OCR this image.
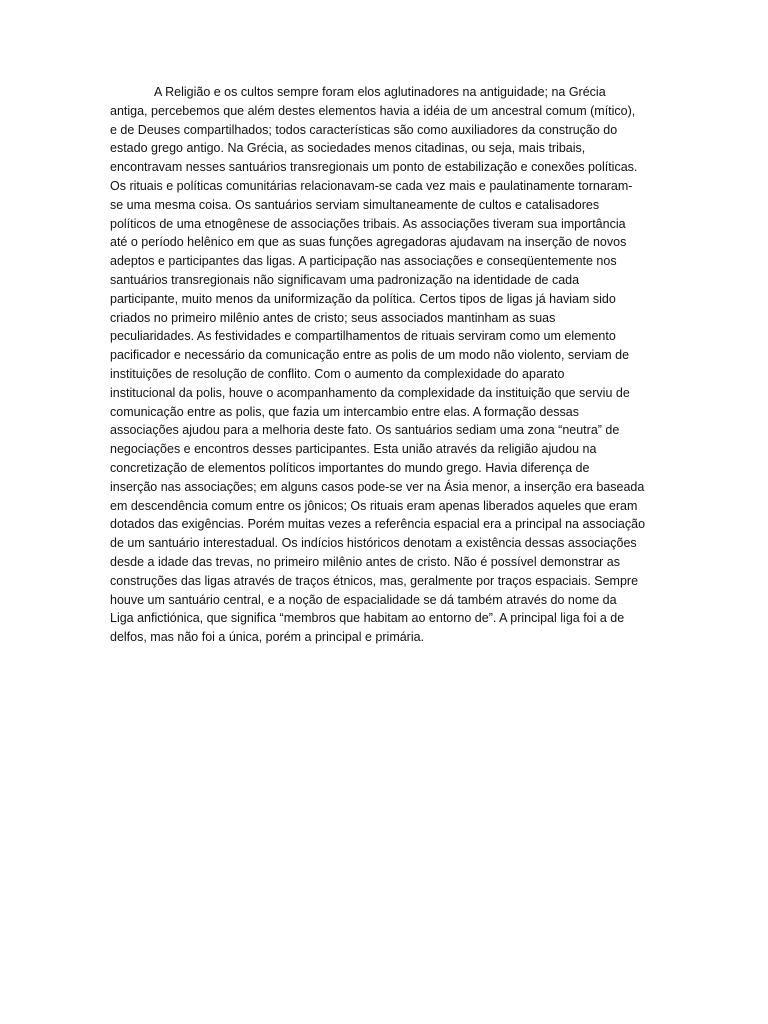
A Religião e os cultos sempre foram elos aglutinadores na antiguidade; na Grécia
antiga, percebemos que além destes elementos havia a idéia de um ancestral comum (mítico),
e de Deuses compartilhados; todos características são como auxiliadores da construção do
estado grego antigo. Na Grécia, as sociedades menos citadinas, ou seja, mais tribais,
encontravam nesses santuários transregionais um ponto de estabilização e conexões políticas.
Os rituais e políticas comunitárias relacionavam-se cada vez mais e paulatinamente tornaram-
se uma mesma coisa. Os santuários serviam simultaneamente de cultos e catalisadores
políticos de uma etnogênese de associações tribais. As associações tiveram sua importância
até o período helênico em que as suas funções agregadoras ajudavam na inserção de novos
adeptos e participantes das ligas. A participação nas associações e conseqüentemente nos
santuários transregionais não significavam uma padronização na identidade de cada
participante, muito menos da uniformização da política. Certos tipos de ligas já haviam sido
criados no primeiro milênio antes de cristo; seus associados mantinham as suas
peculiaridades. As festividades e compartilhamentos de rituais serviram como um elemento
pacificador e necessário da comunicação entre as polis de um modo não violento, serviam de
instituições de resolução de conflito. Com o aumento da complexidade do aparato
institucional da polis, houve o acompanhamento da complexidade da instituição que serviu de
comunicação entre as polis, que fazia um intercambio entre elas. A formação dessas
associações ajudou para a melhoria deste fato. Os santuários sediam uma zona “neutra” de
negociações e encontros desses participantes. Esta união através da religião ajudou na
concretização de elementos políticos importantes do mundo grego. Havia diferença de
inserção nas associações; em alguns casos pode-se ver na Ásia menor, a inserção era baseada
em descendência comum entre os jônicos; Os rituais eram apenas liberados aqueles que eram
dotados das exigências. Porém muitas vezes a referência espacial era a principal na associação
de um santuário interestadual. Os indícios históricos denotam a existência dessas associações
desde a idade das trevas, no primeiro milênio antes de cristo. Não é possível demonstrar as
construções das ligas através de traços étnicos, mas, geralmente por traços espaciais. Sempre
houve um santuário central, e a noção de espacialidade se dá também através do nome da
Liga anfictiónica, que significa “membros que habitam ao entorno de”. A principal liga foi a de
delfos, mas não foi a única, porém a principal e primária.
